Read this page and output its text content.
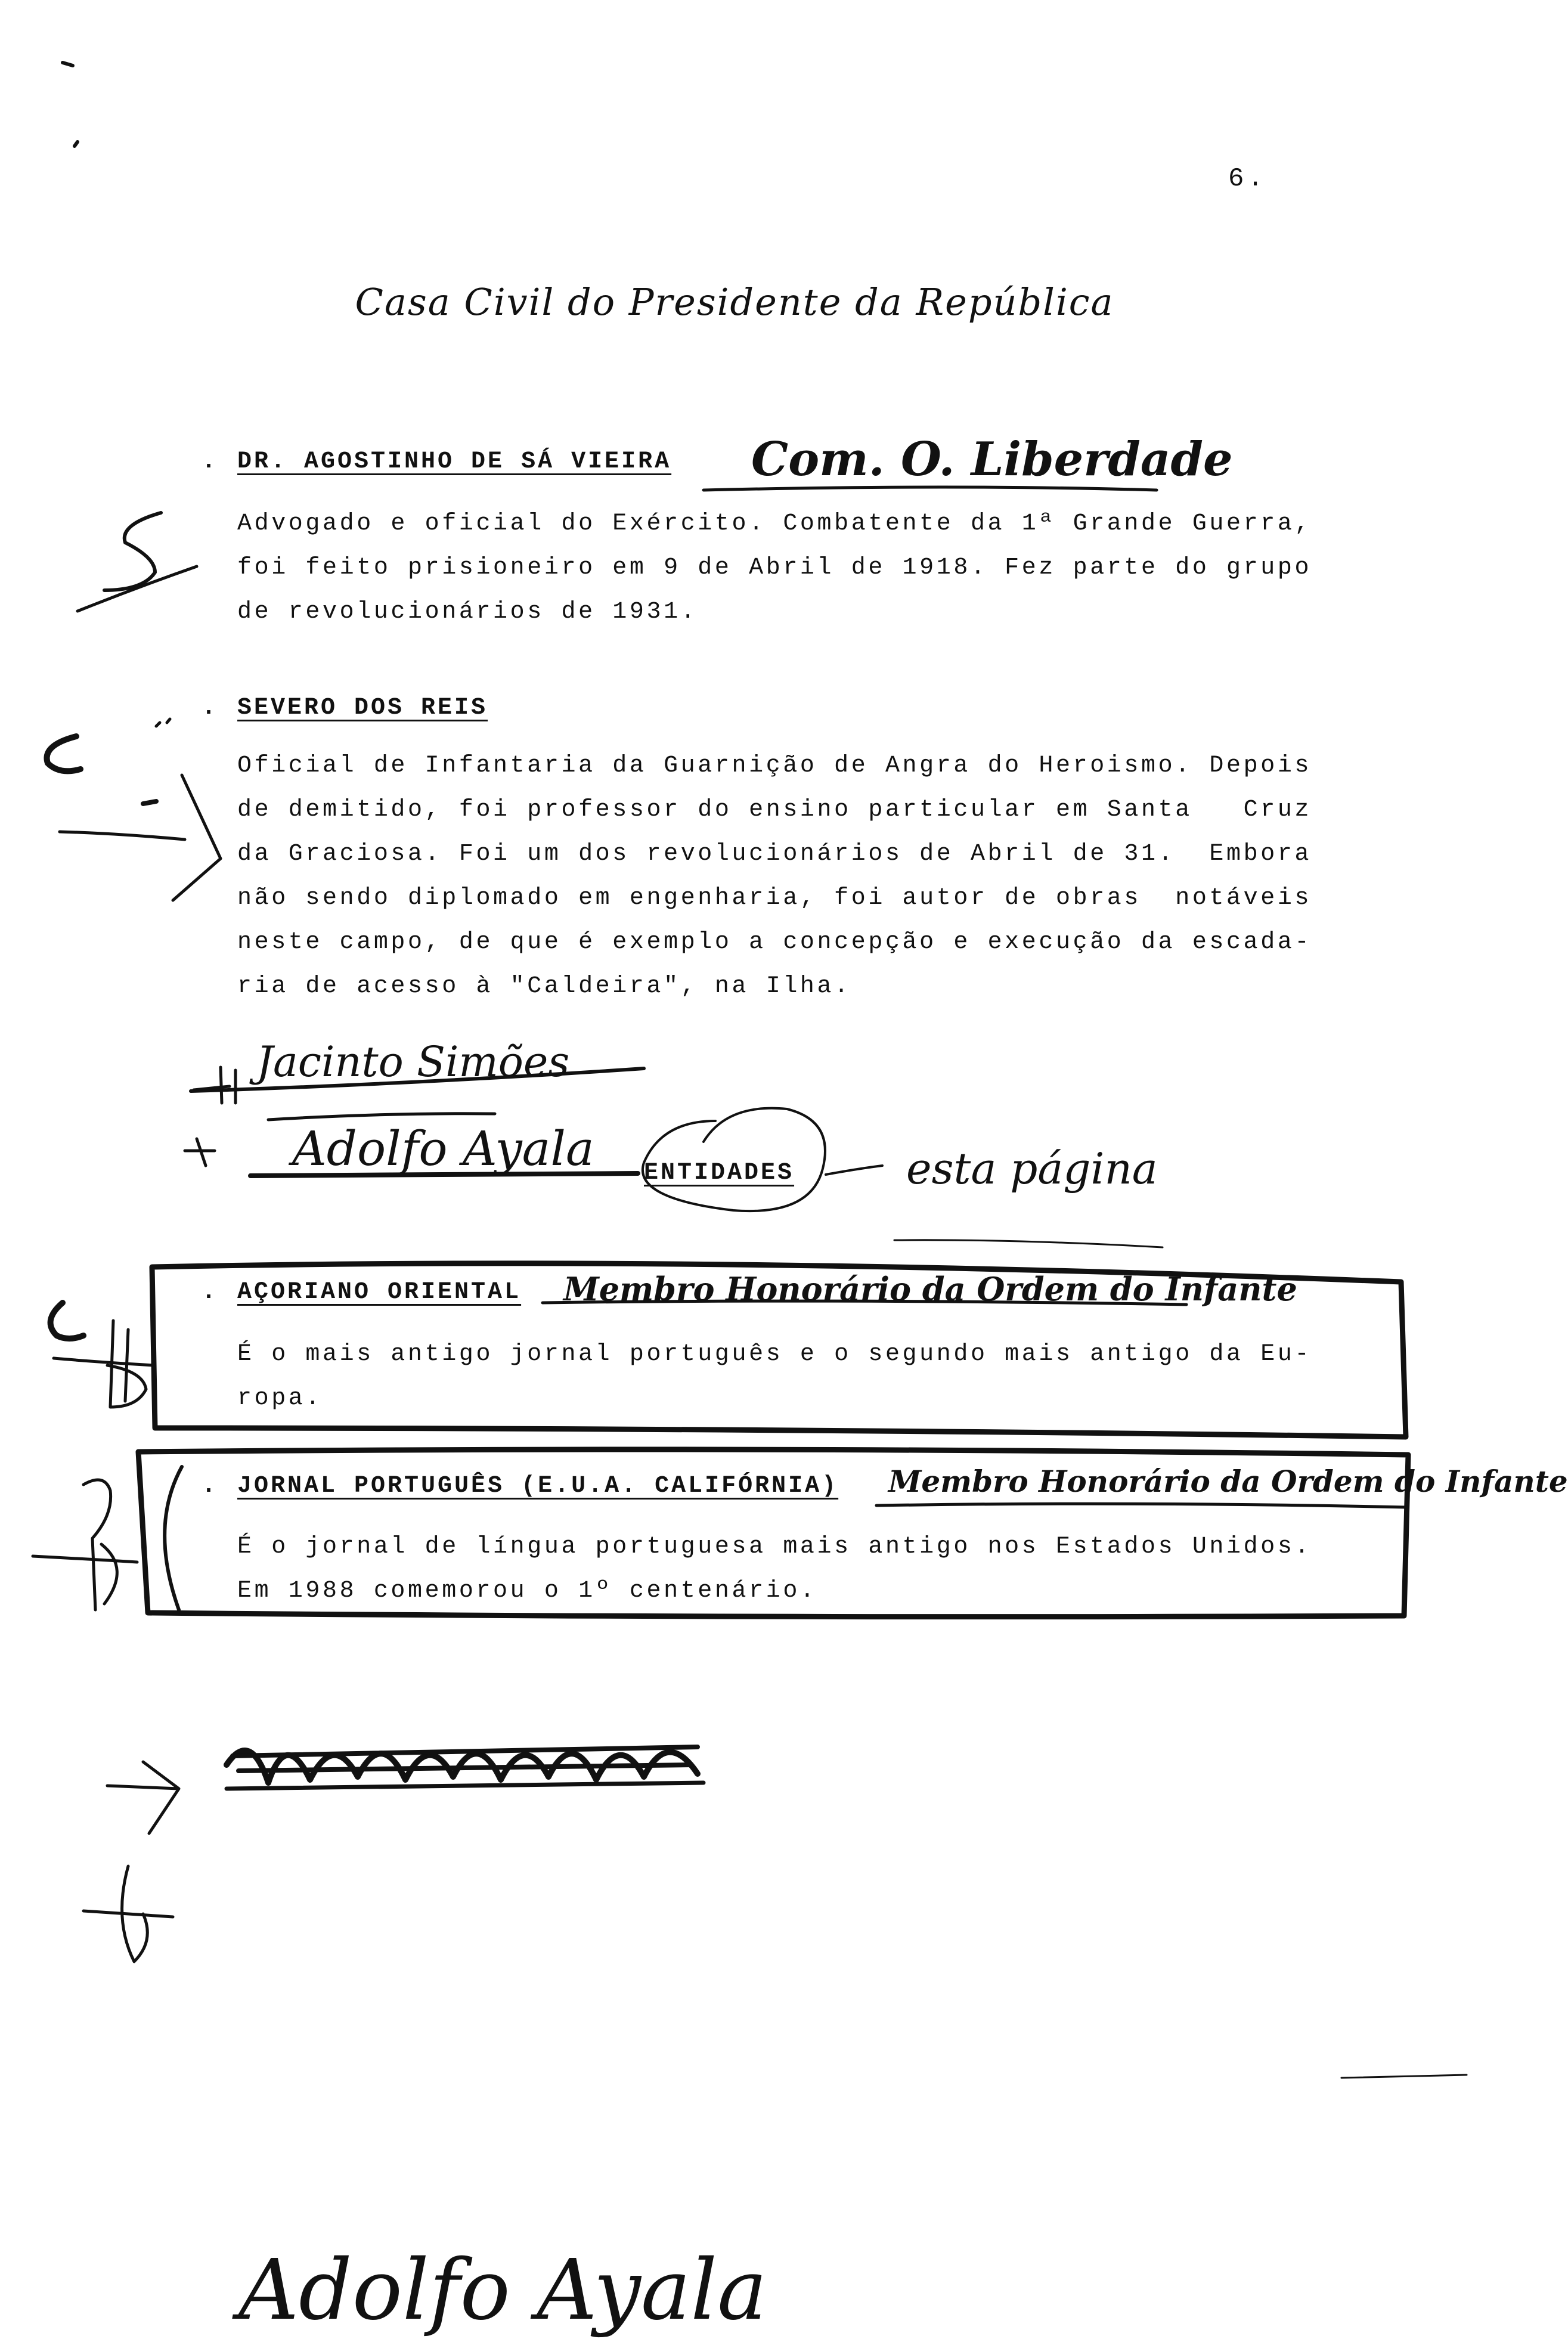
6.
Casa Civil do Presidente da República
. DR. AGOSTINHO DE SÁ VIEIRA Com. O. Liberdade
Advogado e oficial do Exército. Combatente da 1ª Grande Guerra,
foi feito prisioneiro em 9 de Abril de 1918. Fez parte do grupo
de revolucionários de 1931.
. SEVERO DOS REIS
Oficial de Infantaria da Guarnição de Angra do Heroismo. Depois
de demitido, foi professor do ensino particular em Santa   Cruz
da Graciosa. Foi um dos revolucionários de Abril de 31.  Embora
não sendo diplomado em engenharia, foi autor de obras  notáveis
neste campo, de que é exemplo a concepção e execução da escada-
ria de acesso à "Caldeira", na Ilha.
Jacinto Simões
Adolfo Ayala ENTIDADES	esta página
. AÇORIANO ORIENTAL Membro Honorário da Ordem do Infante
É o mais antigo jornal português e o segundo mais antigo da Eu-
ropa.
. JORNAL PORTUGUÊS (E.U.A. CALIFÓRNIA) Membro Honorário da Ordem do Infante
É o jornal de língua portuguesa mais antigo nos Estados Unidos.
Em 1988 comemorou o 1º centenário.
Adolfo Ayala
